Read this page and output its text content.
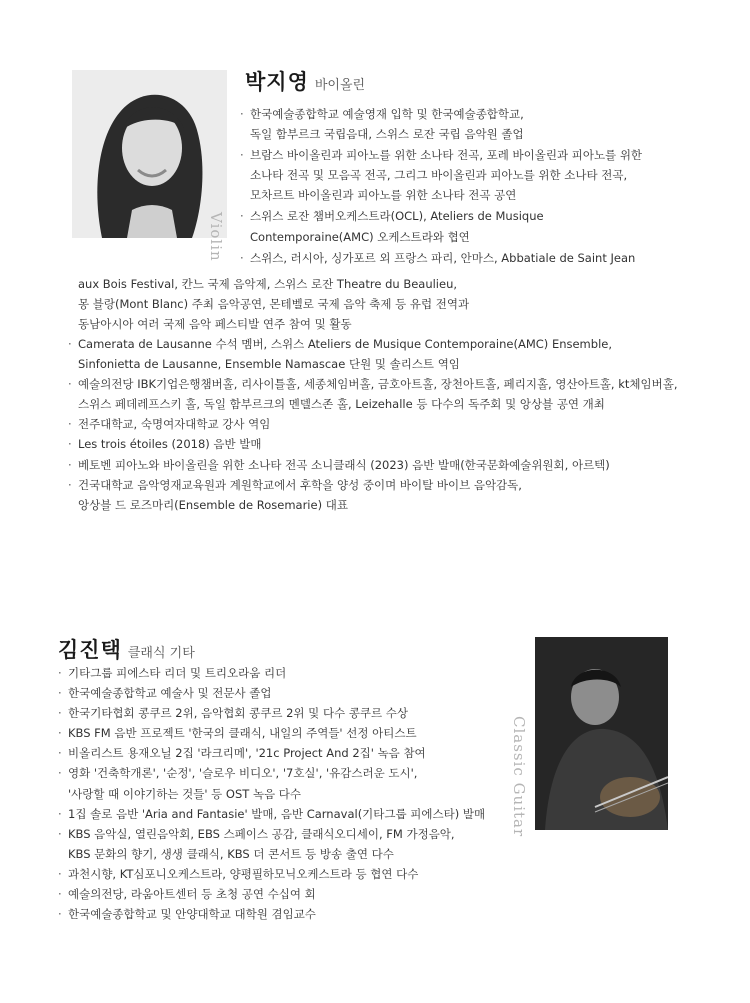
Violin
박지영 바이올린
· 한국예술종합학교 예술영재 입학 및 한국예술종합학교,
독일 함부르크 국립음대, 스위스 로잔 국립 음악원 졸업
· 브람스 바이올린과 피아노를 위한 소나타 전곡, 포레 바이올린과 피아노를 위한
소나타 전곡 및 모음곡 전곡, 그리그 바이올린과 피아노를 위한 소나타 전곡,
모차르트 바이올린과 피아노를 위한 소나타 전곡 공연
· 스위스 로잔 챔버오케스트라(OCL), Ateliers de Musique
Contemporaine(AMC) 오케스트라와 협연
· 스위스, 러시아, 싱가포르 외 프랑스 파리, 안마스, Abbatiale de Saint Jean
aux Bois Festival, 칸느 국제 음악제, 스위스 로잔 Theatre du Beaulieu,
몽 블랑(Mont Blanc) 주최 음악공연, 몬테벨로 국제 음악 축제 등 유럽 전역과
동남아시아 여러 국제 음악 페스티발 연주 참여 및 활동
· Camerata de Lausanne 수석 멤버, 스위스 Ateliers de Musique Contemporaine(AMC) Ensemble,
Sinfonietta de Lausanne, Ensemble Namascae 단원 및 솔리스트 역임
· 예술의전당 IBK기업은행챔버홀, 리사이틀홀, 세종체임버홀, 금호아트홀, 장천아트홀, 페리지홀, 영산아트홀, kt체임버홀,
스위스 페데레프스키 홀, 독일 함부르크의 멘델스존 홀, Leizehalle 등 다수의 독주회 및 앙상블 공연 개최
· 전주대학교, 숙명여자대학교 강사 역임
· Les trois étoiles (2018) 음반 발매
· 베토벤 피아노와 바이올린을 위한 소나타 전곡 소니클래식 (2023) 음반 발매(한국문화예술위원회, 아르텍)
· 건국대학교 음악영재교육원과 계원학교에서 후학을 양성 중이며 바이탈 바이브 음악감독,
앙상블 드 로즈마리(Ensemble de Rosemarie) 대표
김진택 클래식 기타
· 기타그룹 피에스타 리더 및 트리오라움 리더
· 한국예술종합학교 예술사 및 전문사 졸업
· 한국기타협회 콩쿠르 2위, 음악협회 콩쿠르 2위 및 다수 콩쿠르 수상
· KBS FM 음반 프로젝트 '한국의 클래식, 내일의 주역들' 선정 아티스트
· 비올리스트 용재오닐 2집 '라크리메', '21c Project And 2집' 녹음 참여
· 영화 '건축학개론', '순정', '슬로우 비디오', '7호실', '유감스러운 도시',
'사랑할 때 이야기하는 것들' 등 OST 녹음 다수
· 1집 솔로 음반 'Aria and Fantasie' 발매, 음반 Carnaval(기타그룹 피에스타) 발매
· KBS 음악실, 열린음악회, EBS 스페이스 공감, 클래식오디세이, FM 가정음악,
KBS 문화의 향기, 생생 클래식, KBS 더 콘서트 등 방송 출연 다수
· 과천시향, KT심포니오케스트라, 양평필하모닉오케스트라 등 협연 다수
· 예술의전당, 라움아트센터 등 초청 공연 수십여 회
· 한국예술종합학교 및 안양대학교 대학원 겸임교수
Classic Guitar
